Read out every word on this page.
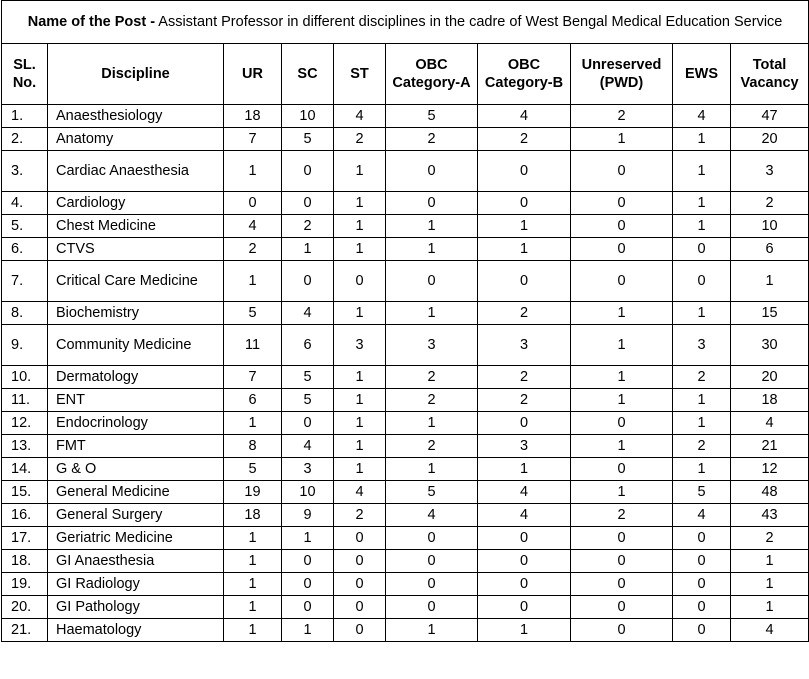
Name of the Post - Assistant Professor in different disciplines in the cadre of West Bengal Medical Education Service									
SL. No.	Discipline	UR	SC	ST	OBC Category-A	OBC Category-B	Unreserved (PWD)	EWS	Total Vacancy
1.	Anaesthesiology	18	10	4	5	4	2	4	47
2.	Anatomy	7	5	2	2	2	1	1	20
3.	Cardiac Anaesthesia	1	0	1	0	0	0	1	3
4.	Cardiology	0	0	1	0	0	0	1	2
5.	Chest Medicine	4	2	1	1	1	0	1	10
6.	CTVS	2	1	1	1	1	0	0	6
7.	Critical Care Medicine	1	0	0	0	0	0	0	1
8.	Biochemistry	5	4	1	1	2	1	1	15
9.	Community Medicine	11	6	3	3	3	1	3	30
10.	Dermatology	7	5	1	2	2	1	2	20
11.	ENT	6	5	1	2	2	1	1	18
12.	Endocrinology	1	0	1	1	0	0	1	4
13.	FMT	8	4	1	2	3	1	2	21
14.	G & O	5	3	1	1	1	0	1	12
15.	General Medicine	19	10	4	5	4	1	5	48
16.	General Surgery	18	9	2	4	4	2	4	43
17.	Geriatric Medicine	1	1	0	0	0	0	0	2
18.	GI Anaesthesia	1	0	0	0	0	0	0	1
19.	GI Radiology	1	0	0	0	0	0	0	1
20.	GI Pathology	1	0	0	0	0	0	0	1
21.	Haematology	1	1	0	1	1	0	0	4
